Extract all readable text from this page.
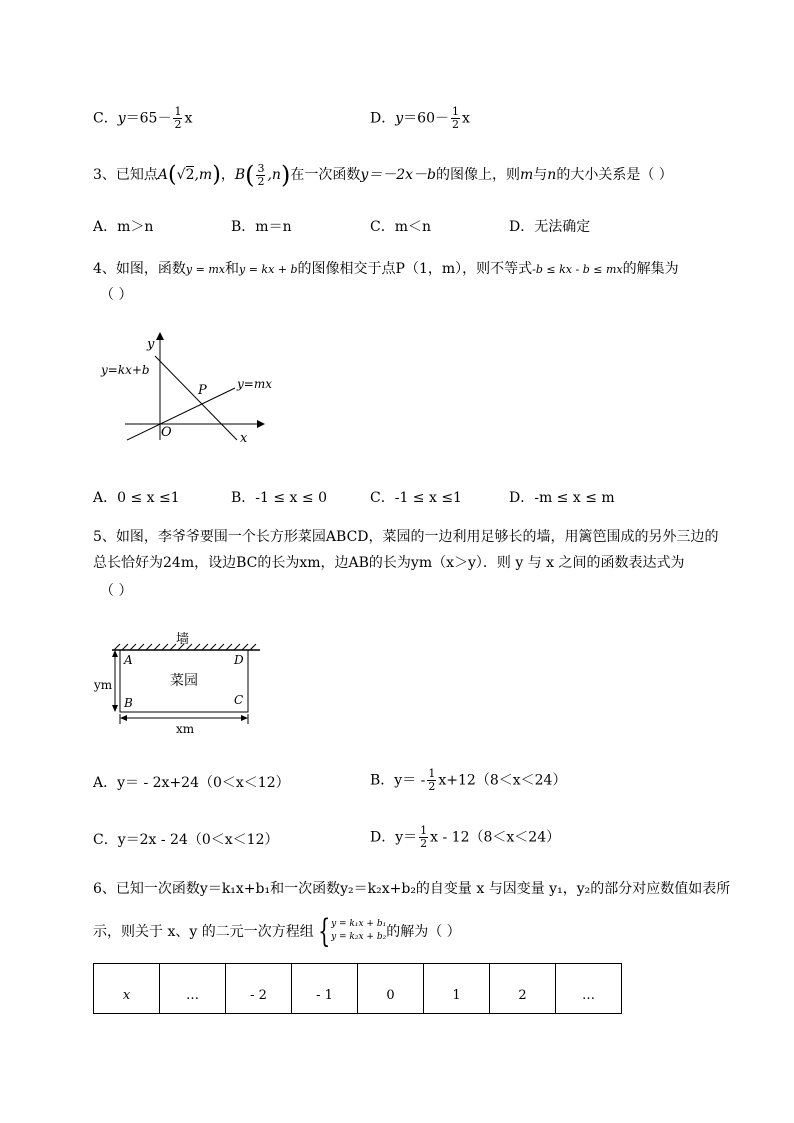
C．$y=65- \frac{1}{2}$ x	D．$y=60- \frac{1}{2}$ x
3、已知点A(√2,m)，$B( \frac{3}{2} ,n)$在一次函数y＝－2x－b的图像上，则m与n的大小关系是（ ）
A．m＞n	B．m＝n	C．m＜n	D．无法确定
4、如图，函数y = mx和y = kx + b的图像相交于点P（1，m），则不等式-b ≤ kx - b ≤ mx的解集为
（ ）
y
x
O
P
y=kx+b
y=mx
A．0 ≤ x ≤1	B．-1 ≤ x ≤ 0	C．-1 ≤ x ≤1	D．-m ≤ x ≤ m
5、如图，李爷爷要围一个长方形菜园ABCD，菜园的一边利用足够长的墙，用篱笆围成的另外三边的
总长恰好为24m，设边BC的长为xm，边AB的长为ym（x＞y）．则 y 与 x 之间的函数表达式为
（ ）
墙
菜园
A	D
B	C
ym
xm
A．y＝ - 2x+24（0＜x＜12）	B．$y= - \frac{1}{2} x+12(8<x<24)$
C．y＝2x - 24（0＜x＜12）	D．$y= \frac{1}{2}$ x - 12（8＜x＜24）
6、已知一次函数y＝k₁x+b₁和一次函数y₂＝k₂x+b₂的自变量 x 与因变量 y₁，y₂的部分对应数值如表所
示，则关于 x、y 的二元一次方程组 { y = k₁x + b₁
y = k₂x + b₂ 的解为（ ）
x	…	- 2	- 1	0	1	2	…
